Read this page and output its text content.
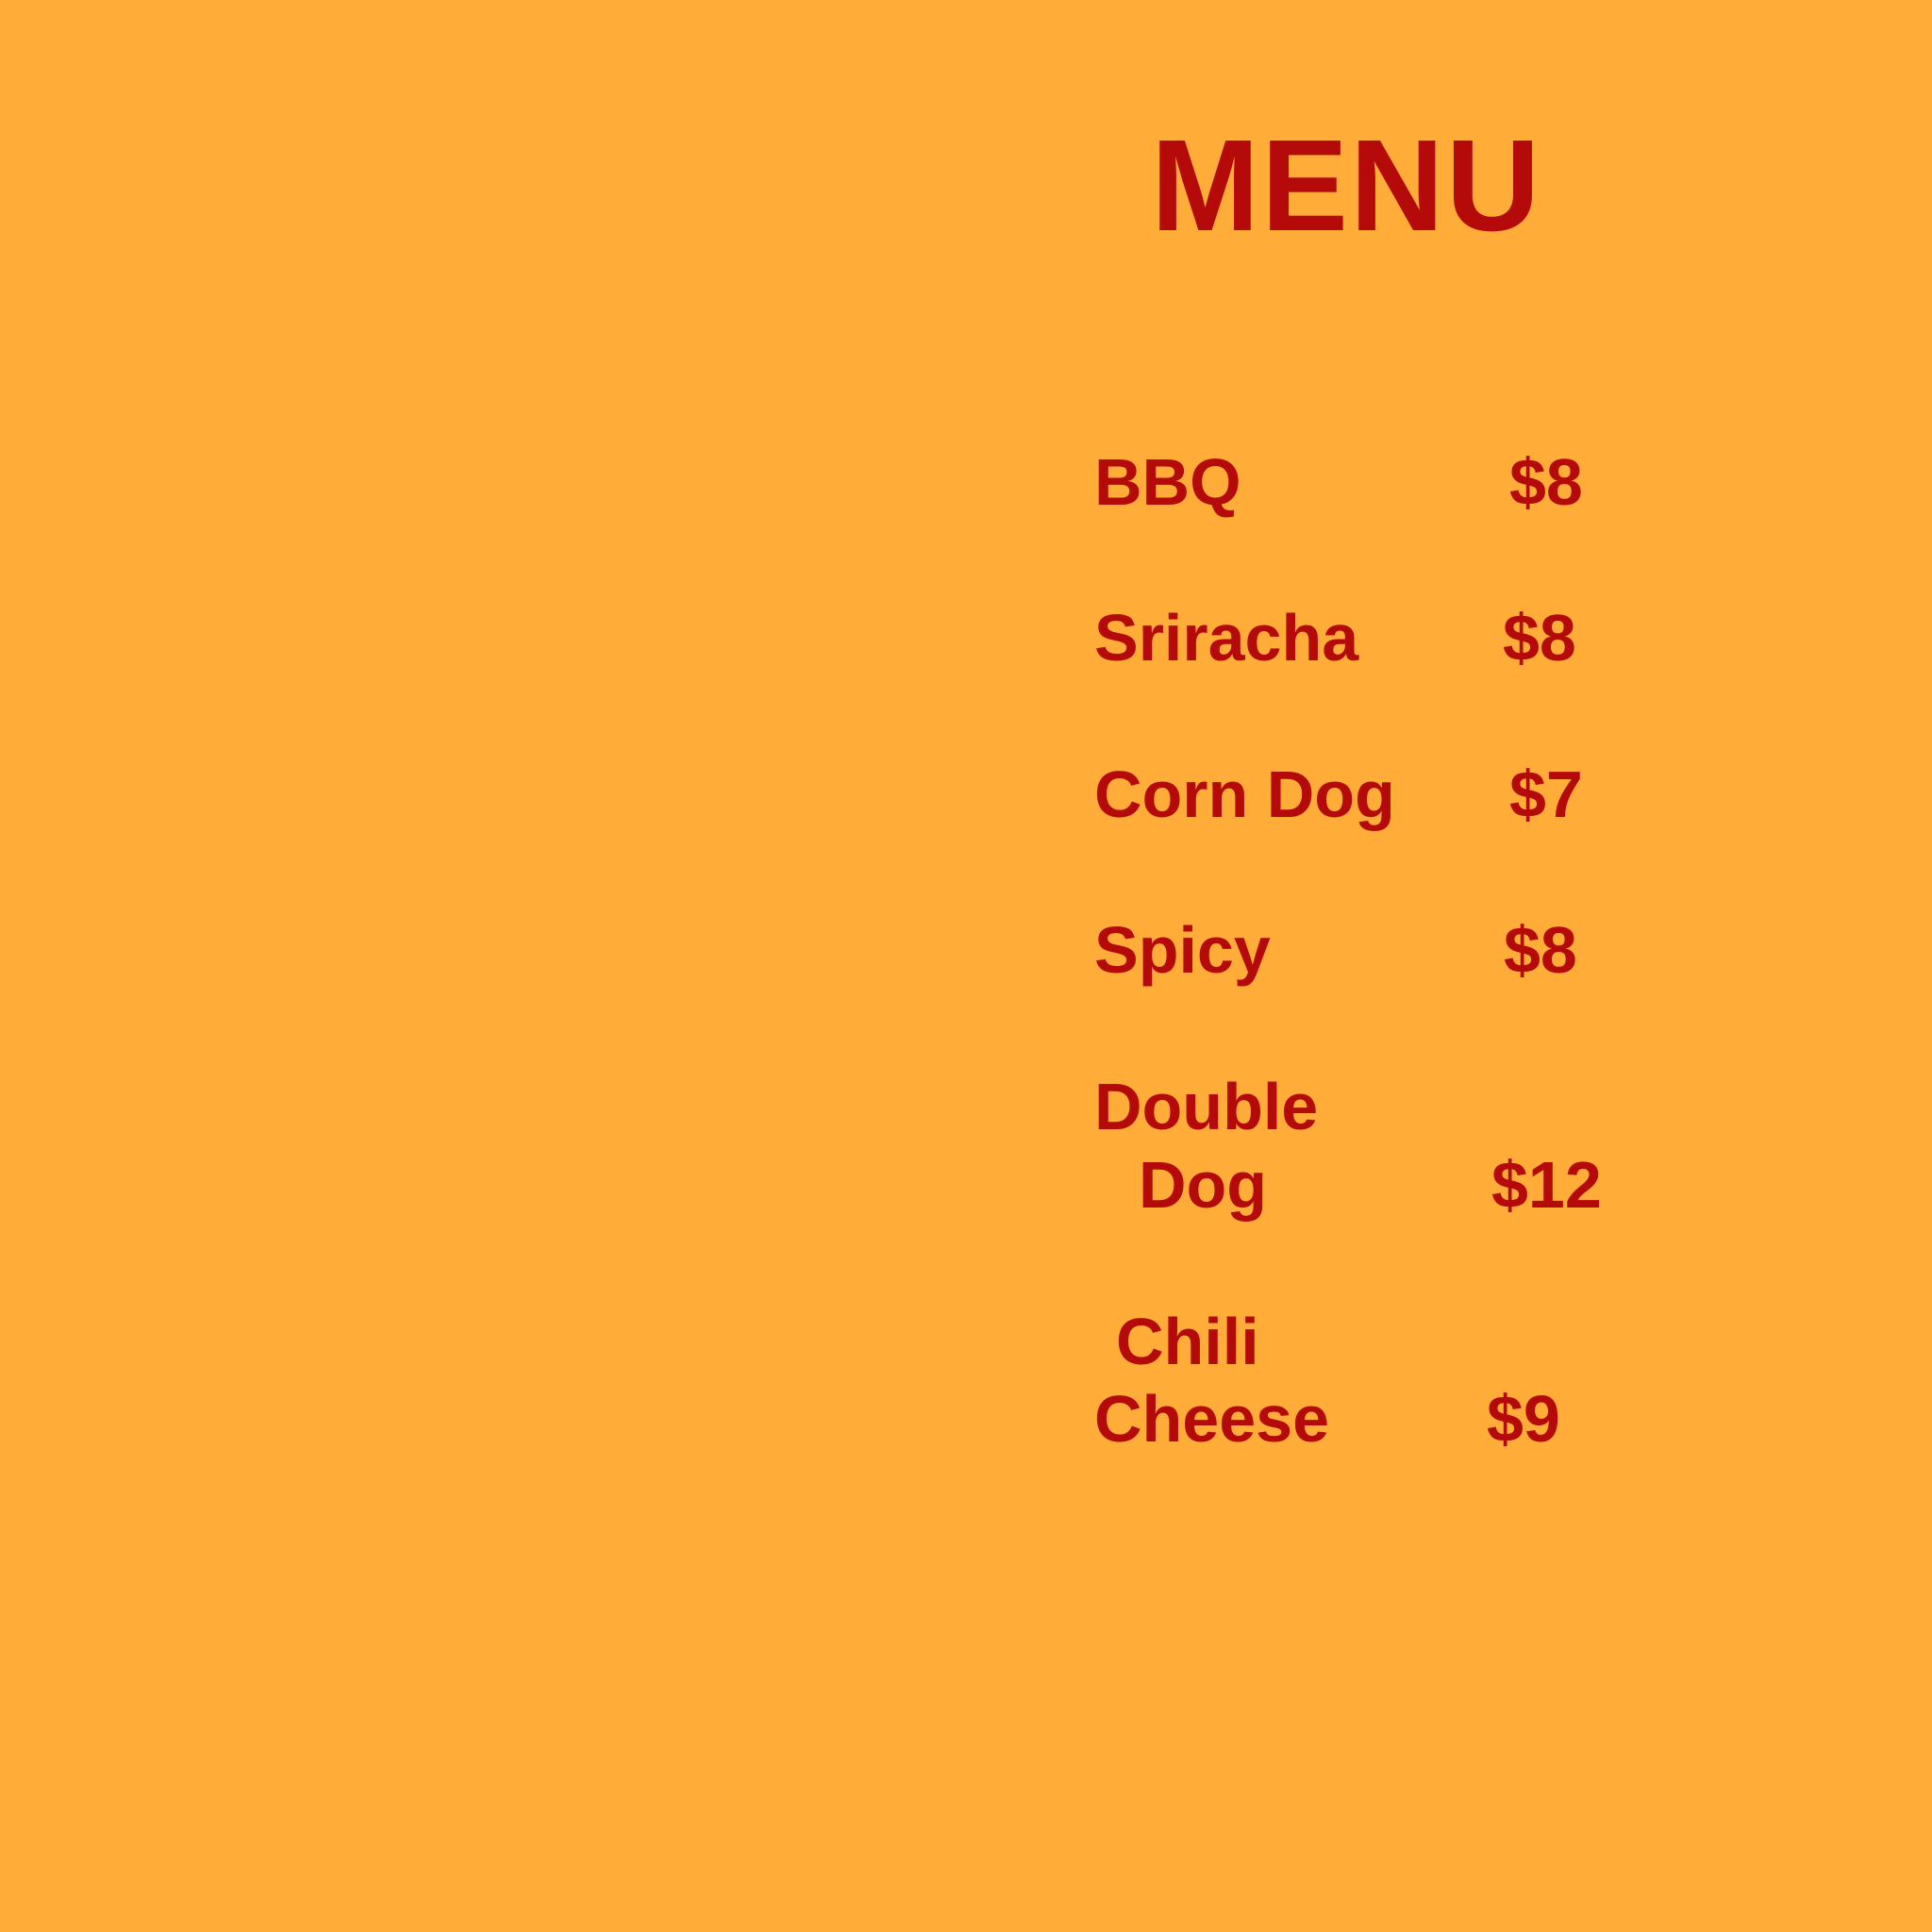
MENU
BBQ	$8
Sriracha $8
Corn Dog $7
Spicy	$8
Double
Dog	$12
Chili
Cheese $9
